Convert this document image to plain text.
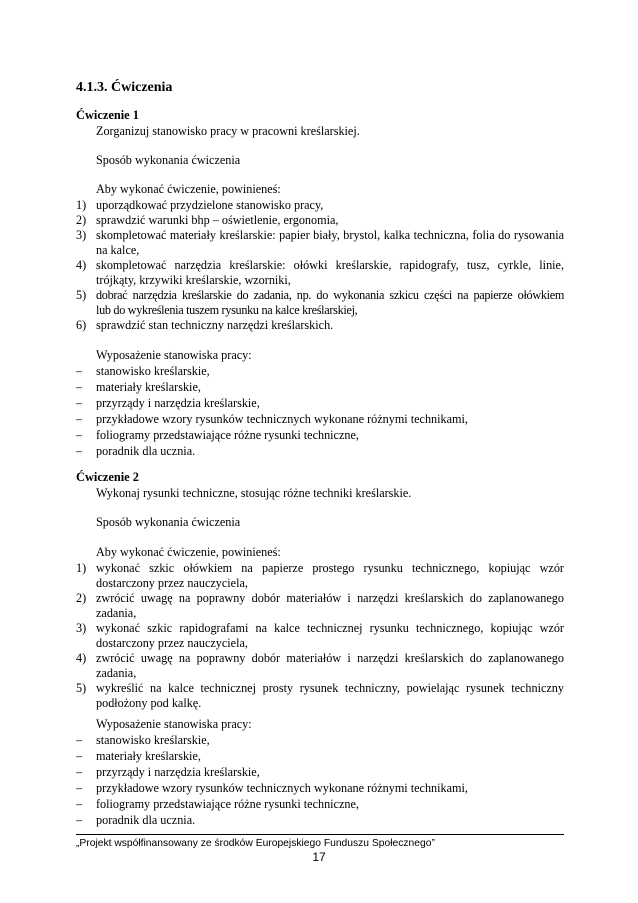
4.1.3. Ćwiczenia
Ćwiczenie 1
Zorganizuj stanowisko pracy w pracowni kreślarskiej.
Sposób wykonania ćwiczenia
Aby wykonać ćwiczenie, powinieneś:
1) uporządkować przydzielone stanowisko pracy,
2) sprawdzić warunki bhp – oświetlenie, ergonomia,
3) skompletować materiały kreślarskie: papier biały, brystol, kalka techniczna, folia do rysowania
na kalce,
4) skompletować narzędzia kreślarskie: ołówki kreślarskie, rapidografy, tusz, cyrkle, linie,
trójkąty, krzywiki kreślarskie, wzorniki,
5) dobrać narzędzia kreślarskie do zadania, np. do wykonania szkicu części na papierze ołówkiem
lub do wykreślenia tuszem rysunku na kalce kreślarskiej,
6) sprawdzić stan techniczny narzędzi kreślarskich.
Wyposażenie stanowiska pracy:
– stanowisko kreślarskie,
– materiały kreślarskie,
– przyrządy i narzędzia kreślarskie,
– przykładowe wzory rysunków technicznych wykonane różnymi technikami,
– foliogramy przedstawiające różne rysunki techniczne,
– poradnik dla ucznia.
Ćwiczenie 2
Wykonaj rysunki techniczne, stosując różne techniki kreślarskie.
Sposób wykonania ćwiczenia
Aby wykonać ćwiczenie, powinieneś:
1) wykonać szkic ołówkiem na papierze prostego rysunku technicznego, kopiując wzór
dostarczony przez nauczyciela,
2) zwrócić uwagę na poprawny dobór materiałów i narzędzi kreślarskich do zaplanowanego
zadania,
3) wykonać szkic rapidografami na kalce technicznej rysunku technicznego, kopiując wzór
dostarczony przez nauczyciela,
4) zwrócić uwagę na poprawny dobór materiałów i narzędzi kreślarskich do zaplanowanego
zadania,
5) wykreślić na kalce technicznej prosty rysunek techniczny, powielając rysunek techniczny
podłożony pod kalkę.
Wyposażenie stanowiska pracy:
– stanowisko kreślarskie,
– materiały kreślarskie,
– przyrządy i narzędzia kreślarskie,
– przykładowe wzory rysunków technicznych wykonane różnymi technikami,
– foliogramy przedstawiające różne rysunki techniczne,
– poradnik dla ucznia.
„Projekt współfinansowany ze środków Europejskiego Funduszu Społecznego”
17
